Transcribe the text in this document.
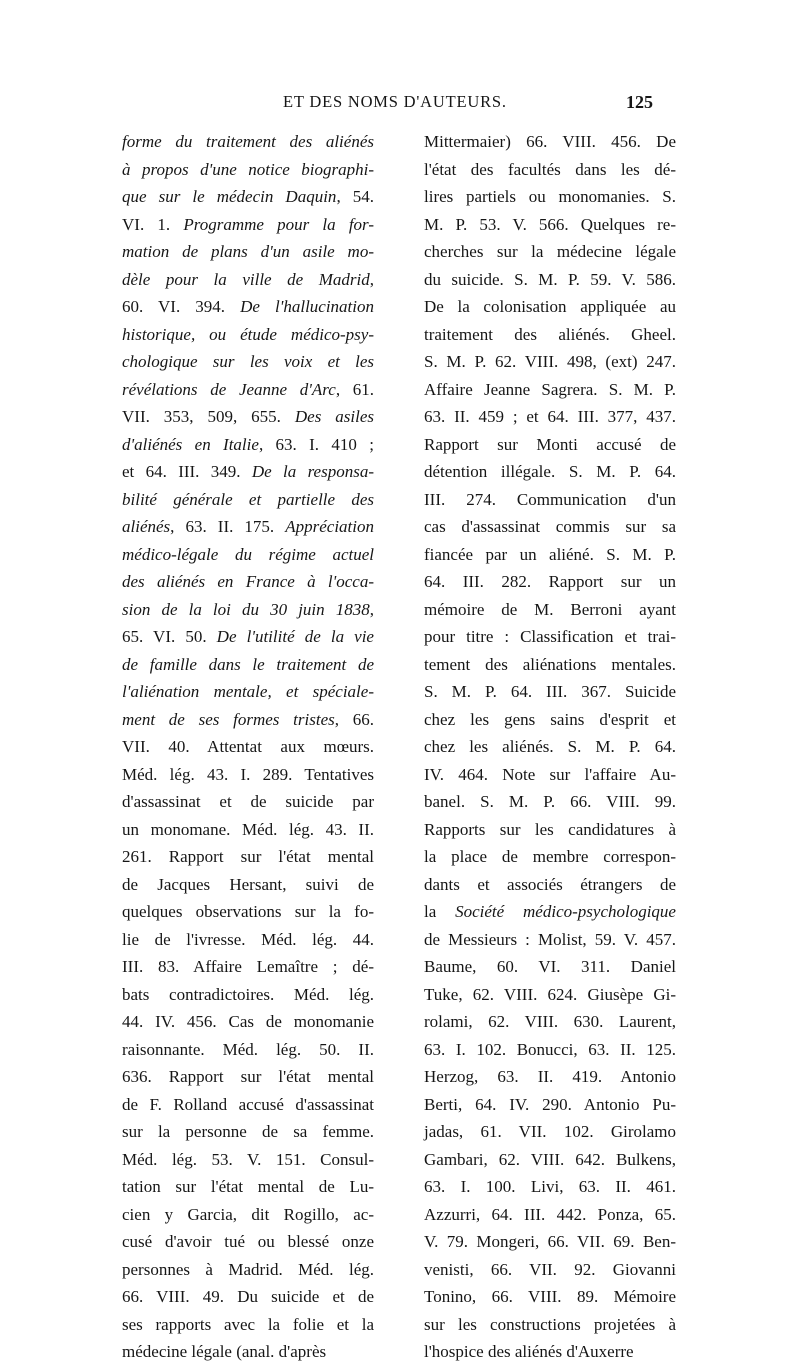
ET DES NOMS D'AUTEURS.	125
forme du traitement des aliénés
à propos d'une notice biographi-
que sur le médecin Daquin, 54.
VI. 1. Programme pour la for-
mation de plans d'un asile mo-
dèle pour la ville de Madrid,
60. VI. 394. De l'hallucination
historique, ou étude médico-psy-
chologique sur les voix et les
révélations de Jeanne d'Arc, 61.
VII. 353, 509, 655. Des asiles
d'aliénés en Italie, 63. I. 410 ;
et 64. III. 349. De la responsa-
bilité générale et partielle des
aliénés, 63. II. 175. Appréciation
médico-légale du régime actuel
des aliénés en France à l'occa-
sion de la loi du 30 juin 1838,
65. VI. 50. De l'utilité de la vie
de famille dans le traitement de
l'aliénation mentale, et spéciale-
ment de ses formes tristes, 66.
VII. 40. Attentat aux mœurs.
Méd. lég. 43. I. 289. Tentatives
d'assassinat et de suicide par
un monomane. Méd. lég. 43. II.
261. Rapport sur l'état mental
de Jacques Hersant, suivi de
quelques observations sur la fo-
lie de l'ivresse. Méd. lég. 44.
III. 83. Affaire Lemaître ; dé-
bats contradictoires. Méd. lég.
44. IV. 456. Cas de monomanie
raisonnante. Méd. lég. 50. II.
636. Rapport sur l'état mental
de F. Rolland accusé d'assassinat
sur la personne de sa femme.
Méd. lég. 53. V. 151. Consul-
tation sur l'état mental de Lu-
cien y Garcia, dit Rogillo, ac-
cusé d'avoir tué ou blessé onze
personnes à Madrid. Méd. lég.
66. VIII. 49. Du suicide et de
ses rapports avec la folie et la
médecine légale (anal. d'après
Mittermaier) 66. VIII. 456. De
l'état des facultés dans les dé-
lires partiels ou monomanies. S.
M. P. 53. V. 566. Quelques re-
cherches sur la médecine légale
du suicide. S. M. P. 59. V. 586.
De la colonisation appliquée au
traitement des aliénés. Gheel.
S. M. P. 62. VIII. 498, (ext) 247.
Affaire Jeanne Sagrera. S. M. P.
63. II. 459 ; et 64. III. 377, 437.
Rapport sur Monti accusé de
détention illégale. S. M. P. 64.
III. 274. Communication d'un
cas d'assassinat commis sur sa
fiancée par un aliéné. S. M. P.
64. III. 282. Rapport sur un
mémoire de M. Berroni ayant
pour titre : Classification et trai-
tement des aliénations mentales.
S. M. P. 64. III. 367. Suicide
chez les gens sains d'esprit et
chez les aliénés. S. M. P. 64.
IV. 464. Note sur l'affaire Au-
banel. S. M. P. 66. VIII. 99.
Rapports sur les candidatures à
la place de membre correspon-
dants et associés étrangers de
la Société médico-psychologique
de Messieurs : Molist, 59. V. 457.
Baume, 60. VI. 311. Daniel
Tuke, 62. VIII. 624. Giusèpe Gi-
rolami, 62. VIII. 630. Laurent,
63. I. 102. Bonucci, 63. II. 125.
Herzog, 63. II. 419. Antonio
Berti, 64. IV. 290. Antonio Pu-
jadas, 61. VII. 102. Girolamo
Gambari, 62. VIII. 642. Bulkens,
63. I. 100. Livi, 63. II. 461.
Azzurri, 64. III. 442. Ponza, 65.
V. 79. Mongeri, 66. VII. 69. Ben-
venisti, 66. VII. 92. Giovanni
Tonino, 66. VIII. 89. Mémoire
sur les constructions projetées à
l'hospice des aliénés d'Auxerre
